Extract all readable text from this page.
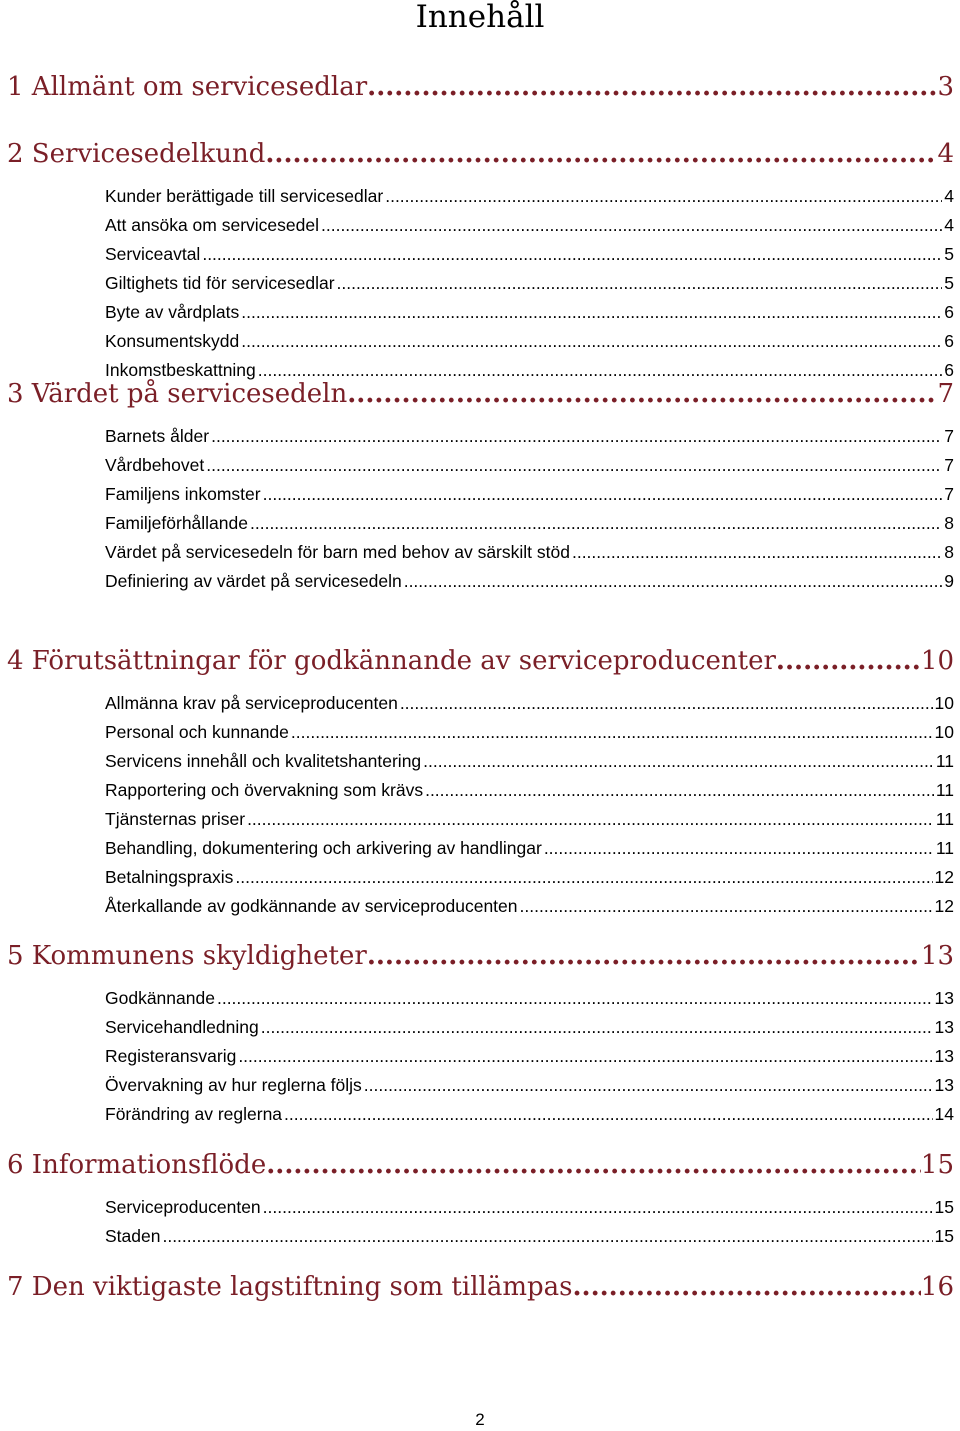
Innehåll
1 Allmänt om servicesedlar .....	3
2 Servicesedelkund .....	4
Kunder berättigade till servicesedlar .....	4
Att ansöka om servicesedel .....	4
Serviceavtal .....	5
Giltighets tid för servicesedlar .....	5
Byte av vårdplats .....	6
Konsumentskydd .....	6
Inkomstbeskattning .....	6
3 Värdet på servicesedeln .....	7
Barnets ålder .....	7
Vårdbehovet .....	7
Familjens inkomster .....	7
Familjeförhållande .....	8
Värdet på servicesedeln för barn med behov av särskilt stöd .....	8
Definiering av värdet på servicesedeln .....	9
4 Förutsättningar för godkännande av serviceproducenter .....	10
Allmänna krav på serviceproducenten .....	10
Personal och kunnande .....	10
Servicens innehåll och kvalitetshantering .....	11
Rapportering och övervakning som krävs .....	11
Tjänsternas priser .....	11
Behandling, dokumentering och arkivering av handlingar .....	11
Betalningspraxis .....	12
Återkallande av godkännande av serviceproducenten .....	12
5 Kommunens skyldigheter .....	13
Godkännande .....	13
Servicehandledning .....	13
Registeransvarig .....	13
Övervakning av hur reglerna följs .....	13
Förändring av reglerna .....	14
6 Informationsflöde .....	15
Serviceproducenten .....	15
Staden .....	15
7 Den viktigaste lagstiftning som tillämpas .....	16
2
